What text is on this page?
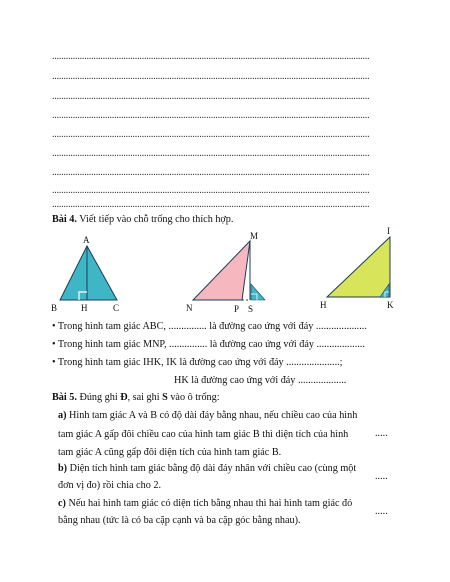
..........................................................................................................................................
..........................................................................................................................................
..........................................................................................................................................
..........................................................................................................................................
..........................................................................................................................................
..........................................................................................................................................
..........................................................................................................................................
..........................................................................................................................................
..........................................................................................................................................
Bài 4. Viết tiếp vào chỗ trống cho thích hợp.
A
B	H	C
M
N	P S
I
H	K
• Trong hình tam giác ABC, ............... là đường cao ứng với đáy ....................
• Trong hình tam giác MNP, ............... là đường cao ứng với đáy ...................
• Trong hình tam giác IHK, IK là đường cao ứng với đáy .....................;
HK là đường cao ứng với đáy ...................
Bài 5. Đúng ghi Đ, sai ghi S vào ô trống:
a) Hình tam giác A và B có độ dài đáy bằng nhau, nếu chiều cao của hình
tam giác A gấp đôi chiều cao của hình tam giác B thì diện tích của hình
tam giác A cũng gấp đôi diện tích của hình tam giác B.
.....
b) Diện tích hình tam giác bằng độ dài đáy nhân với chiều cao (cùng một
đơn vị đo) rồi chia cho 2.
.....
c) Nếu hai hình tam giác có diện tích bằng nhau thì hai hình tam giác đó
bằng nhau (tức là có ba cặp cạnh và ba cặp góc bằng nhau).
.....
